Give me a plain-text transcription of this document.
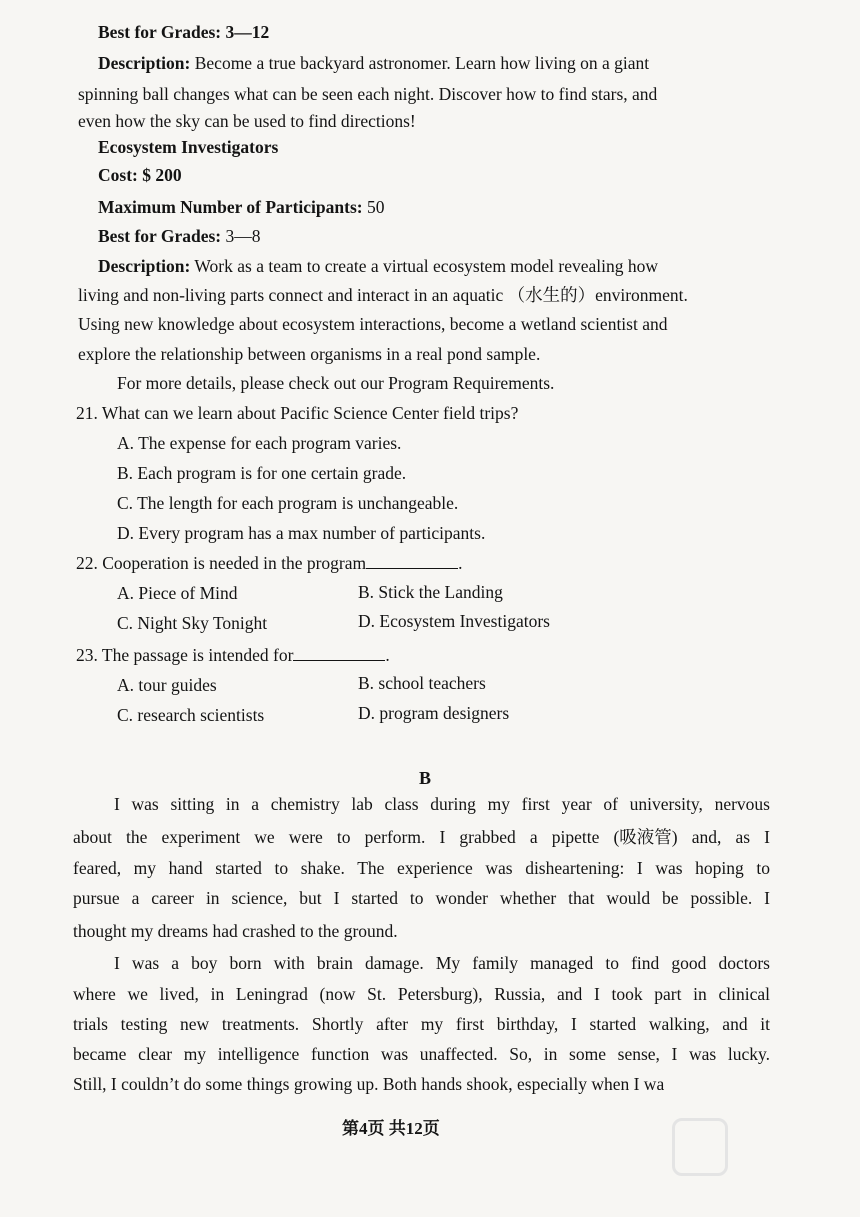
Best for Grades: 3—12
Description: Become a true backyard astronomer. Learn how living on a giant
spinning ball changes what can be seen each night. Discover how to find stars, and
even how the sky can be used to find directions!
Ecosystem Investigators
Cost: $ 200
Maximum Number of Participants: 50
Best for Grades: 3—8
Description: Work as a team to create a virtual ecosystem model revealing how
living and non-living parts connect and interact in an aquatic （水生的）environment.
Using new knowledge about ecosystem interactions, become a wetland scientist and
explore the relationship between organisms in a real pond sample.
For more details, please check out our Program Requirements.
21. What can we learn about Pacific Science Center field trips?
A. The expense for each program varies.
B. Each program is for one certain grade.
C. The length for each program is unchangeable.
D. Every program has a max number of participants.
22. Cooperation is needed in the program	.
A. Piece of Mind	B. Stick the Landing
C. Night Sky Tonight	D. Ecosystem Investigators
23. The passage is intended for	.
A. tour guides	B. school teachers
C. research scientists	D. program designers
B
I was sitting in a chemistry lab class during my first year of university, nervous
about the experiment we were to perform. I grabbed a pipette (吸液管) and, as I
feared, my hand started to shake. The experience was disheartening: I was hoping to
pursue a career in science, but I started to wonder whether that would be possible. I
thought my dreams had crashed to the ground.
I was a boy born with brain damage. My family managed to find good doctors
where we lived, in Leningrad (now St. Petersburg), Russia, and I took part in clinical
trials testing new treatments. Shortly after my first birthday, I started walking, and it
became clear my intelligence function was unaffected. So, in some sense, I was lucky.
Still, I couldn’t do some things growing up. Both hands shook, especially when I wa
第4页 共12页
